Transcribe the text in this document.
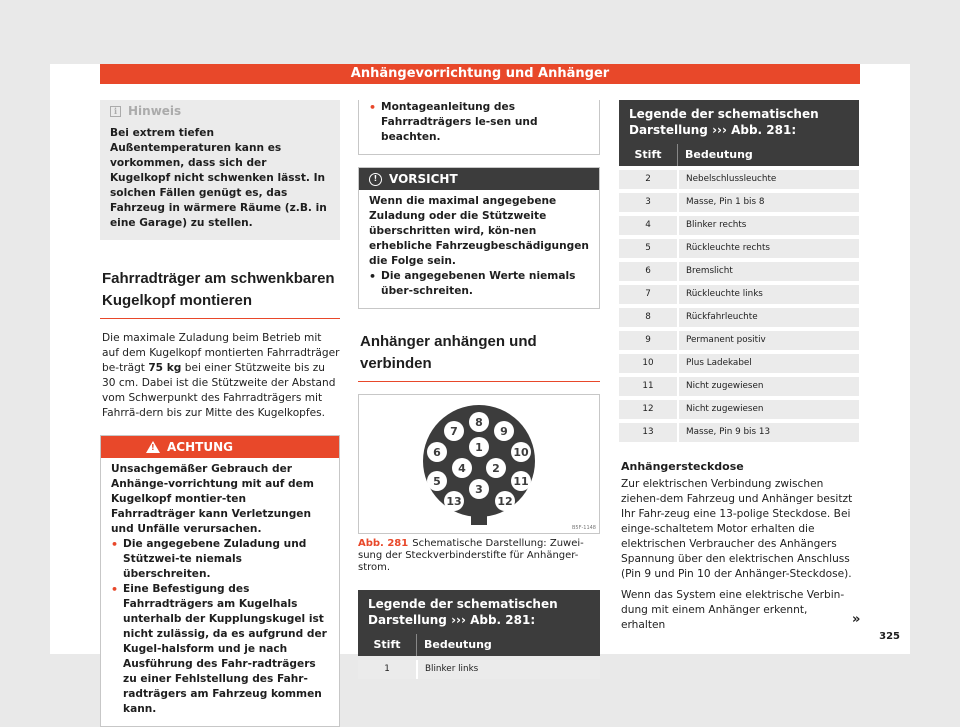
Anhängevorrichtung und Anhänger
i Hinweis
Bei extrem tiefen Außentemperaturen kann es vorkommen, dass sich der Kugelkopf nicht schwenken lässt. In solchen Fällen genügt es, das Fahrzeug in wärmere Räume (z.B. in eine Garage) zu stellen.
Fahrradträger am schwenkbaren Kugelkopf montieren

Die maximale Zuladung beim Betrieb mit auf dem Kugelkopf montierten Fahrradträger be-trägt 75 kg bei einer Stützweite bis zu 30 cm. Dabei ist die Stützweite der Abstand vom Schwerpunkt des Fahrradträgers mit Fahrrä-dern bis zur Mitte des Kugelkopfes.

! ACHTUNG
Unsachgemäßer Gebrauch der Anhänge-vorrichtung mit auf dem Kugelkopf montier-ten Fahrradträger kann Verletzungen und Unfälle verursachen.
• Die angegebene Zuladung und Stützwei-te niemals überschreiten.
• Eine Befestigung des Fahrradträgers am Kugelhals unterhalb der Kupplungskugel ist nicht zulässig, da es aufgrund der Kugel-halsform und je nach Ausführung des Fahr-radträgers zu einer Fehlstellung des Fahr-radträgers am Fahrzeug kommen kann.
• Montageanleitung des Fahrradträgers le-sen und beachten.
! VORSICHT
Wenn die maximal angegebene Zuladung oder die Stützweite überschritten wird, kön-nen erhebliche Fahrzeugbeschädigungen die Folge sein.
• Die angegebenen Werte niemals über-schreiten.
Anhänger anhängen und verbinden
1
2
3
4
5
6
7
8
9
10
11
12
13
B5F-1148
Abb. 281 Schematische Darstellung: Zuwei-sung der Steckverbinderstifte für Anhänger-strom.
Legende der schematischen Darstellung ››› Abb. 281:
Stift	Bedeutung
1	Blinker links
Legende der schematischen Darstellung ››› Abb. 281:
Stift	Bedeutung
2	Nebelschlussleuchte
3	Masse, Pin 1 bis 8
4	Blinker rechts
5	Rückleuchte rechts
6	Bremslicht
7	Rückleuchte links
8	Rückfahrleuchte
9	Permanent positiv
10	Plus Ladekabel
11	Nicht zugewiesen
12	Nicht zugewiesen
13	Masse, Pin 9 bis 13
Anhängersteckdose

Zur elektrischen Verbindung zwischen ziehen-dem Fahrzeug und Anhänger besitzt Ihr Fahr-zeug eine 13-polige Steckdose. Bei einge-schaltetem Motor erhalten die elektrischen Verbraucher des Anhängers Spannung über den elektrischen Anschluss (Pin 9 und Pin 10 der Anhänger-Steckdose).

Wenn das System eine elektrische Verbin-dung mit einem Anhänger erkennt, erhalten	»
325
